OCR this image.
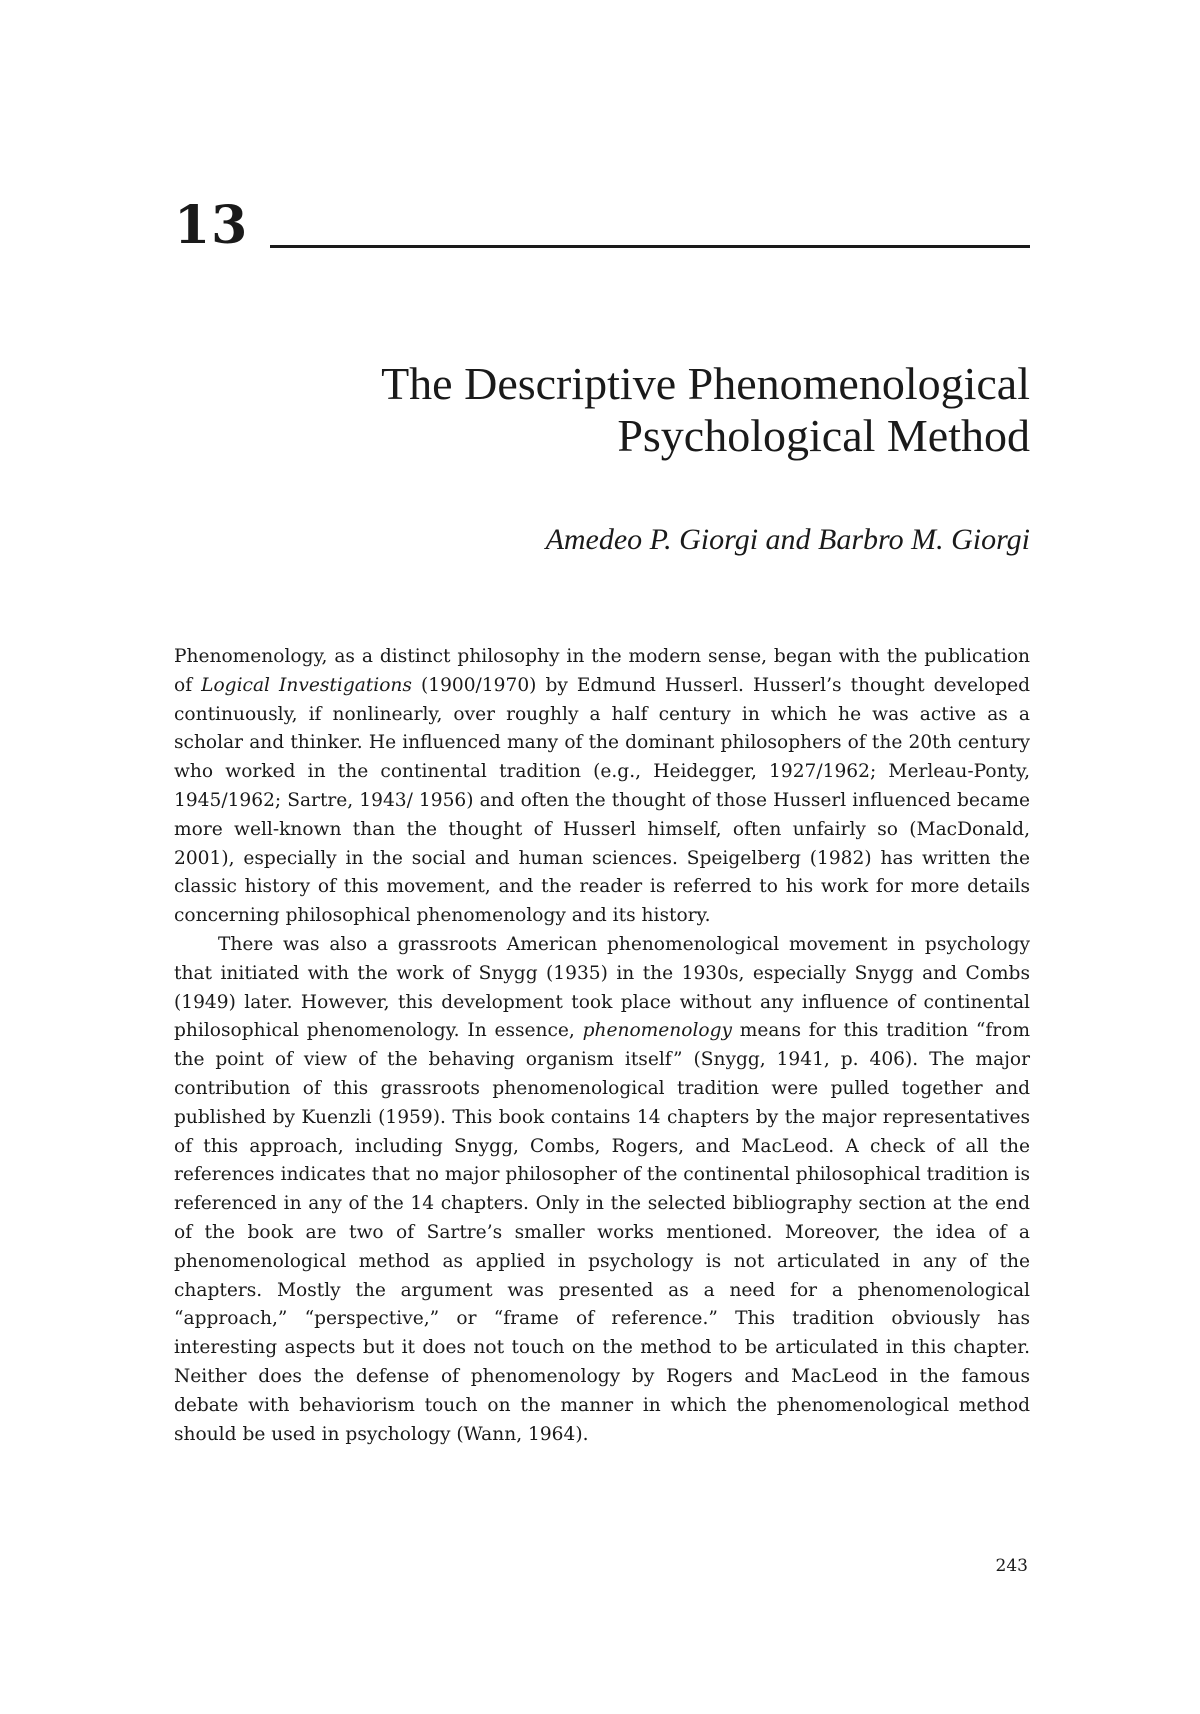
13
The Descriptive Phenomenological
Psychological Method
Amedeo P. Giorgi and Barbro M. Giorgi

Phenomenology, as a distinct philosophy in the modern sense, began with the publication of Logical Investigations (1900/1970) by Edmund Husserl. Husserl’s thought developed continuously, if nonlinearly, over roughly a half century in which he was active as a scholar and thinker. He influenced many of the dominant philosophers of the 20th century who worked in the continental tradition (e.g., Heidegger, 1927/1962; Merleau-Ponty, 1945/1962; Sartre, 1943/ 1956) and often the thought of those Husserl influenced became more well-known than the thought of Husserl himself, often unfairly so (MacDonald, 2001), especially in the social and human sciences. Speigelberg (1982) has written the classic history of this movement, and the reader is referred to his work for more details concerning philosophical phenomenology and its history.

There was also a grassroots American phenomenological movement in psychology that initiated with the work of Snygg (1935) in the 1930s, especially Snygg and Combs (1949) later. However, this development took place without any influence of continental philosophical phenomenology. In essence, phenomenology means for this tradition “from the point of view of the behaving organism itself” (Snygg, 1941, p. 406). The major contribution of this grassroots phenomenological tradition were pulled together and published by Kuenzli (1959). This book contains 14 chapters by the major representatives of this approach, including Snygg, Combs, Rogers, and MacLeod. A check of all the references indicates that no major philosopher of the continental philosophical tradition is referenced in any of the 14 chapters. Only in the selected bibliography section at the end of the book are two of Sartre’s smaller works mentioned. Moreover, the idea of a phenomenological method as applied in psychology is not articulated in any of the chapters. Mostly the argument was presented as a need for a phenomenological “approach,” “perspective,” or “frame of reference.” This tradition obviously has interesting aspects but it does not touch on the method to be articulated in this chapter. Neither does the defense of phenomenology by Rogers and MacLeod in the famous debate with behaviorism touch on the manner in which the phenomenological method should be used in psychology (Wann, 1964).

243
